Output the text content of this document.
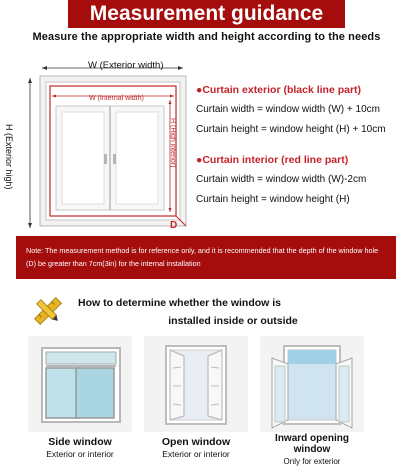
Measurement guidance
Measure the appropriate width and height according to the needs
W (Exterior width)
W (Internal width)
H (Exterior high)	H (High interior)
D
●Curtain exterior (black line part)
Curtain width = window width (W) + 10cm
Curtain height = window height (H) + 10cm
●Curtain interior (red line part)
Curtain width = window width (W)-2cm
Curtain height = window height (H)
Note: The measurement method is for reference only, and it is recommended that the depth of the window hole (D) be greater than 7cm(3in) for the internal installation
How to determine whether the window is
installed inside or outside
Side window
Exterior or interior
Open window
Exterior or interior
Inward opening window
Only for exterior
